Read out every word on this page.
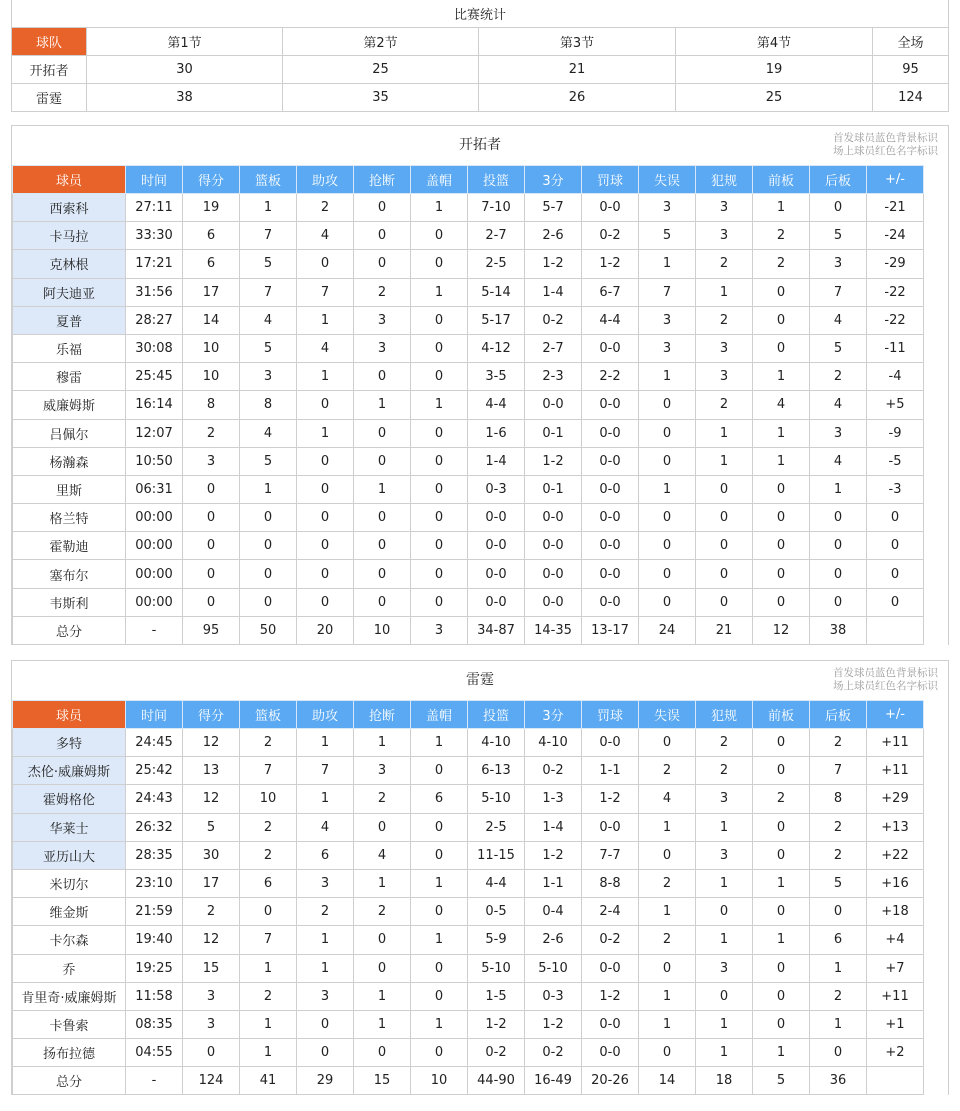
比赛统计					
球队	第1节	第2节	第3节	第4节	全场
开拓者	30	25	21	19	95
雷霆	38	35	26	25	124
开拓者	首发球员蓝色背景标识
场上球员红色名字标识
球员	时间	得分	篮板	助攻	抢断	盖帽	投篮	3分	罚球	失误	犯规	前板	后板	+/-
西索科	27:11	19	1	2	0	1	7-10	5-7	0-0	3	3	1	0	-21
卡马拉	33:30	6	7	4	0	0	2-7	2-6	0-2	5	3	2	5	-24
克林根	17:21	6	5	0	0	0	2-5	1-2	1-2	1	2	2	3	-29
阿夫迪亚	31:56	17	7	7	2	1	5-14	1-4	6-7	7	1	0	7	-22
夏普	28:27	14	4	1	3	0	5-17	0-2	4-4	3	2	0	4	-22
乐福	30:08	10	5	4	3	0	4-12	2-7	0-0	3	3	0	5	-11
穆雷	25:45	10	3	1	0	0	3-5	2-3	2-2	1	3	1	2	-4
威廉姆斯	16:14	8	8	0	1	1	4-4	0-0	0-0	0	2	4	4	+5
吕佩尔	12:07	2	4	1	0	0	1-6	0-1	0-0	0	1	1	3	-9
杨瀚森	10:50	3	5	0	0	0	1-4	1-2	0-0	0	1	1	4	-5
里斯	06:31	0	1	0	1	0	0-3	0-1	0-0	1	0	0	1	-3
格兰特	00:00	0	0	0	0	0	0-0	0-0	0-0	0	0	0	0	0
霍勒迪	00:00	0	0	0	0	0	0-0	0-0	0-0	0	0	0	0	0
塞布尔	00:00	0	0	0	0	0	0-0	0-0	0-0	0	0	0	0	0
韦斯利	00:00	0	0	0	0	0	0-0	0-0	0-0	0	0	0	0	0
总分	-	95	50	20	10	3	34-87	14-35	13-17	24	21	12	38	
雷霆	首发球员蓝色背景标识
场上球员红色名字标识
球员	时间	得分	篮板	助攻	抢断	盖帽	投篮	3分	罚球	失误	犯规	前板	后板	+/-
多特	24:45	12	2	1	1	1	4-10	4-10	0-0	0	2	0	2	+11
杰伦·威廉姆斯	25:42	13	7	7	3	0	6-13	0-2	1-1	2	2	0	7	+11
霍姆格伦	24:43	12	10	1	2	6	5-10	1-3	1-2	4	3	2	8	+29
华莱士	26:32	5	2	4	0	0	2-5	1-4	0-0	1	1	0	2	+13
亚历山大	28:35	30	2	6	4	0	11-15	1-2	7-7	0	3	0	2	+22
米切尔	23:10	17	6	3	1	1	4-4	1-1	8-8	2	1	1	5	+16
维金斯	21:59	2	0	2	2	0	0-5	0-4	2-4	1	0	0	0	+18
卡尔森	19:40	12	7	1	0	1	5-9	2-6	0-2	2	1	1	6	+4
乔	19:25	15	1	1	0	0	5-10	5-10	0-0	0	3	0	1	+7
肯里奇·威廉姆斯	11:58	3	2	3	1	0	1-5	0-3	1-2	1	0	0	2	+11
卡鲁索	08:35	3	1	0	1	1	1-2	1-2	0-0	1	1	0	1	+1
扬布拉德	04:55	0	1	0	0	0	0-2	0-2	0-0	0	1	1	0	+2
总分	-	124	41	29	15	10	44-90	16-49	20-26	14	18	5	36	
